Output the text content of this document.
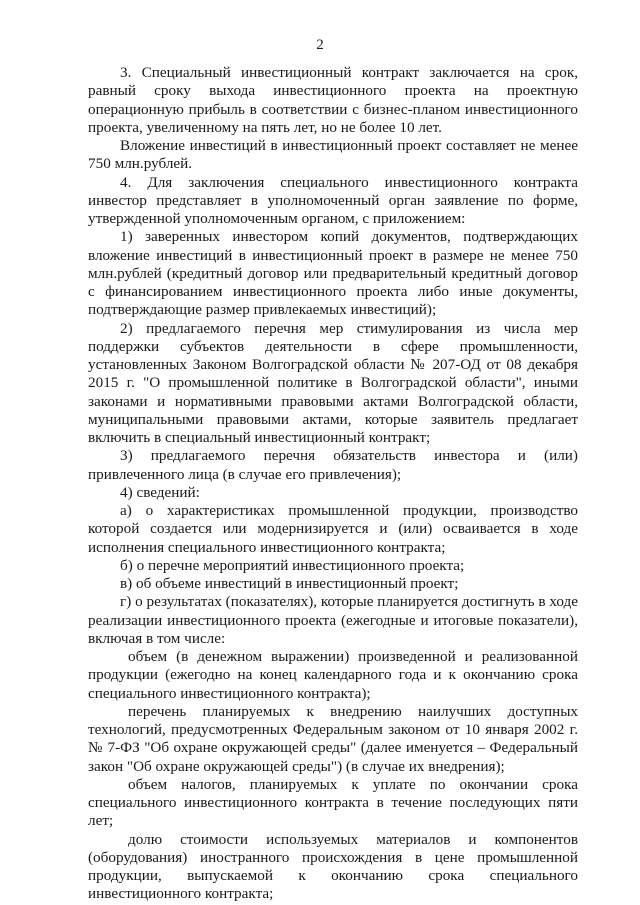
2

3. Специальный инвестиционный контракт заключается на срок, равный сроку выхода инвестиционного проекта на проектную операционную прибыль в соответствии с бизнес-планом инвестиционного проекта, увеличенному на пять лет, но не более 10 лет.

Вложение инвестиций в инвестиционный проект составляет не менее 750 млн.рублей.

4. Для заключения специального инвестиционного контракта инвестор представляет в уполномоченный орган заявление по форме, утвержденной уполномоченным органом, с приложением:

1) заверенных инвестором копий документов, подтверждающих вложение инвестиций в инвестиционный проект в размере не менее 750 млн.рублей (кредитный договор или предварительный кредитный договор с финансированием инвестиционного проекта либо иные документы, подтверждающие размер привлекаемых инвестиций);

2) предлагаемого перечня мер стимулирования из числа мер поддержки субъектов деятельности в сфере промышленности, установленных Законом Волгоградской области № 207-ОД от 08 декабря 2015 г. "О промышленной политике в Волгоградской области", иными законами и нормативными правовыми актами Волгоградской области, муниципальными правовыми актами, которые заявитель предлагает включить в специальный инвестиционный контракт;

3) предлагаемого перечня обязательств инвестора и (или) привлеченного лица (в случае его привлечения);

4) сведений:

а) о характеристиках промышленной продукции, производство которой создается или модернизируется и (или) осваивается в ходе исполнения специального инвестиционного контракта;

б) о перечне мероприятий инвестиционного проекта;

в) об объеме инвестиций в инвестиционный проект;

г) о результатах (показателях), которые планируется достигнуть в ходе реализации инвестиционного проекта (ежегодные и итоговые показатели), включая в том числе:

объем (в денежном выражении) произведенной и реализованной продукции (ежегодно на конец календарного года и к окончанию срока специального инвестиционного контракта);

перечень планируемых к внедрению наилучших доступных технологий, предусмотренных Федеральным законом от 10 января 2002 г. № 7-ФЗ "Об охране окружающей среды" (далее именуется – Федеральный закон "Об охране окружающей среды") (в случае их внедрения);

объем налогов, планируемых к уплате по окончании срока специального инвестиционного контракта в течение последующих пяти лет;

долю стоимости используемых материалов и компонентов (оборудования) иностранного происхождения в цене промышленной продукции, выпускаемой к окончанию срока специального инвестиционного контракта;
